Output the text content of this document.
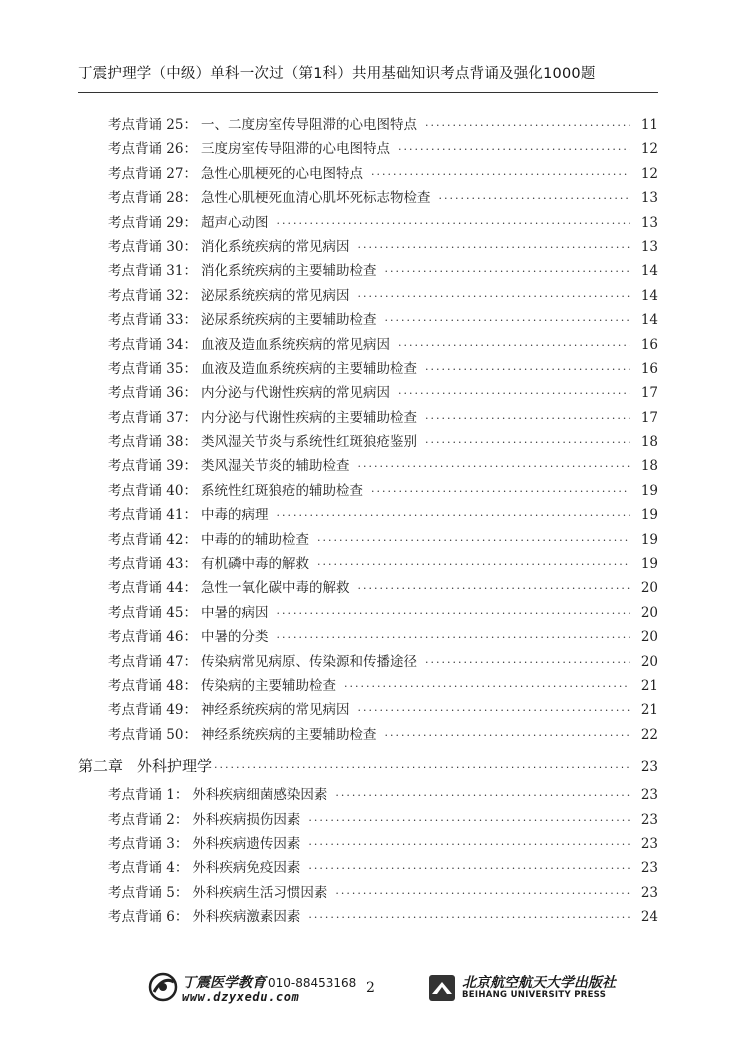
丁震护理学（中级）单科一次过（第1科）共用基础知识考点背诵及强化1000题
考点背诵 25： 一、二度房室传导阻滞的心电图特点 ·····	11
考点背诵 26： 三度房室传导阻滞的心电图特点 ·····	12
考点背诵 27： 急性心肌梗死的心电图特点 ·····	12
考点背诵 28： 急性心肌梗死血清心肌坏死标志物检查 ·····	13
考点背诵 29： 超声心动图 ·····	13
考点背诵 30： 消化系统疾病的常见病因 ·····	13
考点背诵 31： 消化系统疾病的主要辅助检查 ·····	14
考点背诵 32： 泌尿系统疾病的常见病因 ·····	14
考点背诵 33： 泌尿系统疾病的主要辅助检查 ·····	14
考点背诵 34： 血液及造血系统疾病的常见病因 ·····	16
考点背诵 35： 血液及造血系统疾病的主要辅助检查 ·····	16
考点背诵 36： 内分泌与代谢性疾病的常见病因 ·····	17
考点背诵 37： 内分泌与代谢性疾病的主要辅助检查 ·····	17
考点背诵 38： 类风湿关节炎与系统性红斑狼疮鉴别 ·····	18
考点背诵 39： 类风湿关节炎的辅助检查 ·····	18
考点背诵 40： 系统性红斑狼疮的辅助检查 ·····	19
考点背诵 41： 中毒的病理 ·····	19
考点背诵 42： 中毒的的辅助检查 ·····	19
考点背诵 43： 有机磷中毒的解救 ·····	19
考点背诵 44： 急性一氧化碳中毒的解救 ·····	20
考点背诵 45： 中暑的病因 ·····	20
考点背诵 46： 中暑的分类 ·····	20
考点背诵 47： 传染病常见病原、传染源和传播途径 ·····	20
考点背诵 48： 传染病的主要辅助检查 ·····	21
考点背诵 49： 神经系统疾病的常见病因 ·····	21
考点背诵 50： 神经系统疾病的主要辅助检查 ·····	22
第二章 外科护理学 ·····	23
考点背诵 1： 外科疾病细菌感染因素 ·····	23
考点背诵 2： 外科疾病损伤因素 ·····	23
考点背诵 3： 外科疾病遗传因素 ·····	23
考点背诵 4： 外科疾病免疫因素 ·····	23
考点背诵 5： 外科疾病生活习惯因素 ·····	23
考点背诵 6： 外科疾病激素因素 ·····	24
丁震医学教育 010-88453168
www.dzyxedu.com
2	北京航空航天大学出版社
BEIHANG UNIVERSITY PRESS
